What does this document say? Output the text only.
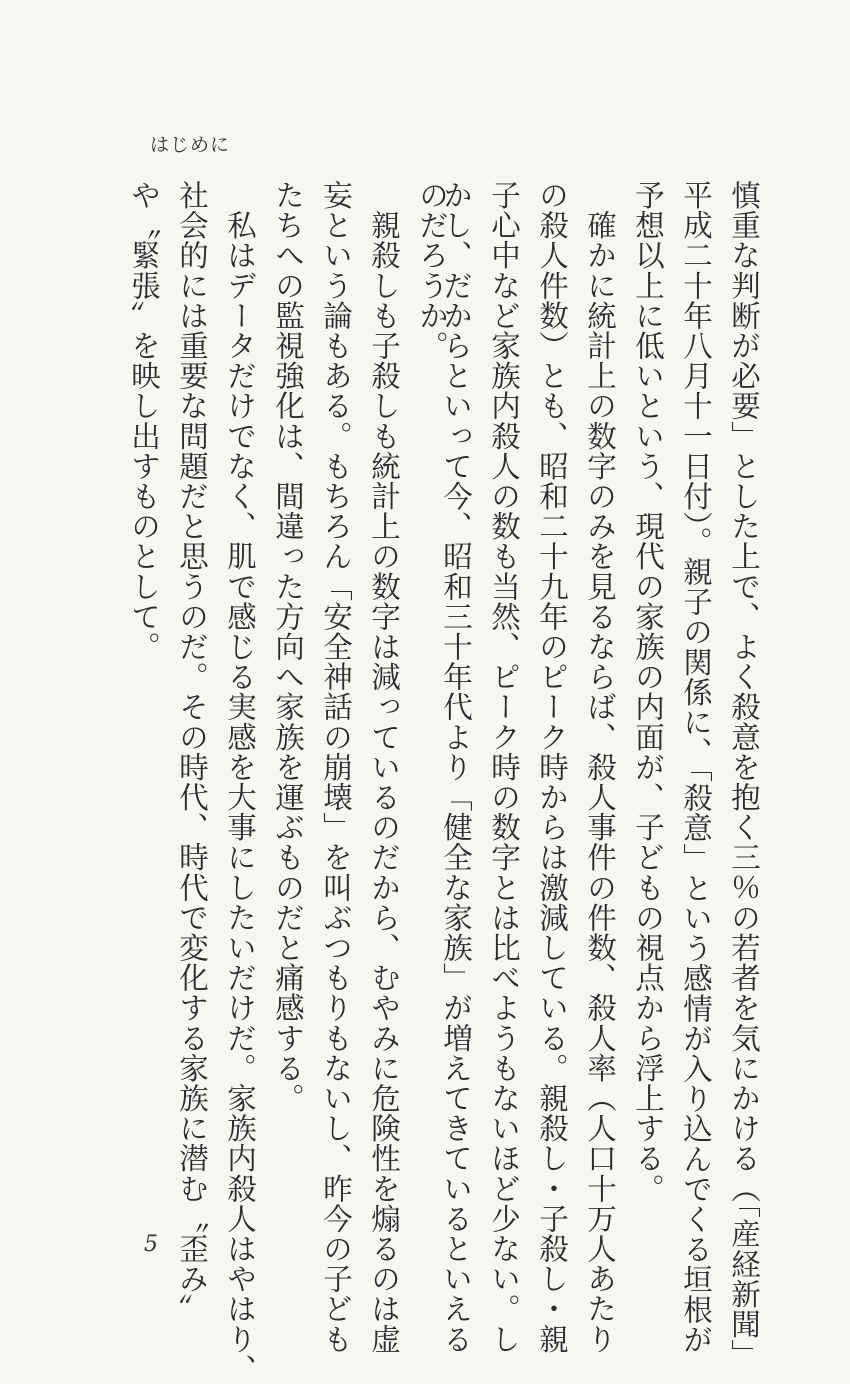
はじめに
慎重な判断が必要」とした上で、よく殺意を抱く三％の若者を気にかける（「産経新聞」
平成二十年八月十一日付）。親子の関係に、「殺意」という感情が入り込んでくる垣根が
予想以上に低いという、現代の家族の内面が、子どもの視点から浮上する。
　確かに統計上の数字のみを見るならば、殺人事件の件数、殺人率（人口十万人あたり
の殺人件数）とも、昭和二十九年のピーク時からは激減している。親殺し・子殺し・親
子心中など家族内殺人の数も当然、ピーク時の数字とは比べようもないほど少ない。し
かし、だからといって今、昭和三十年代より「健全な家族」が増えてきているといえる
のだろうか。
　親殺しも子殺しも統計上の数字は減っているのだから、むやみに危険性を煽るのは虚
妄という論もある。もちろん「安全神話の崩壊」を叫ぶつもりもないし、昨今の子ども
たちへの監視強化は、間違った方向へ家族を運ぶものだと痛感する。
　私はデータだけでなく、肌で感じる実感を大事にしたいだけだ。家族内殺人はやはり、
社会的には重要な問題だと思うのだ。その時代、時代で変化する家族に潜む〝歪み〟
や〝緊張〟を映し出すものとして。
5
